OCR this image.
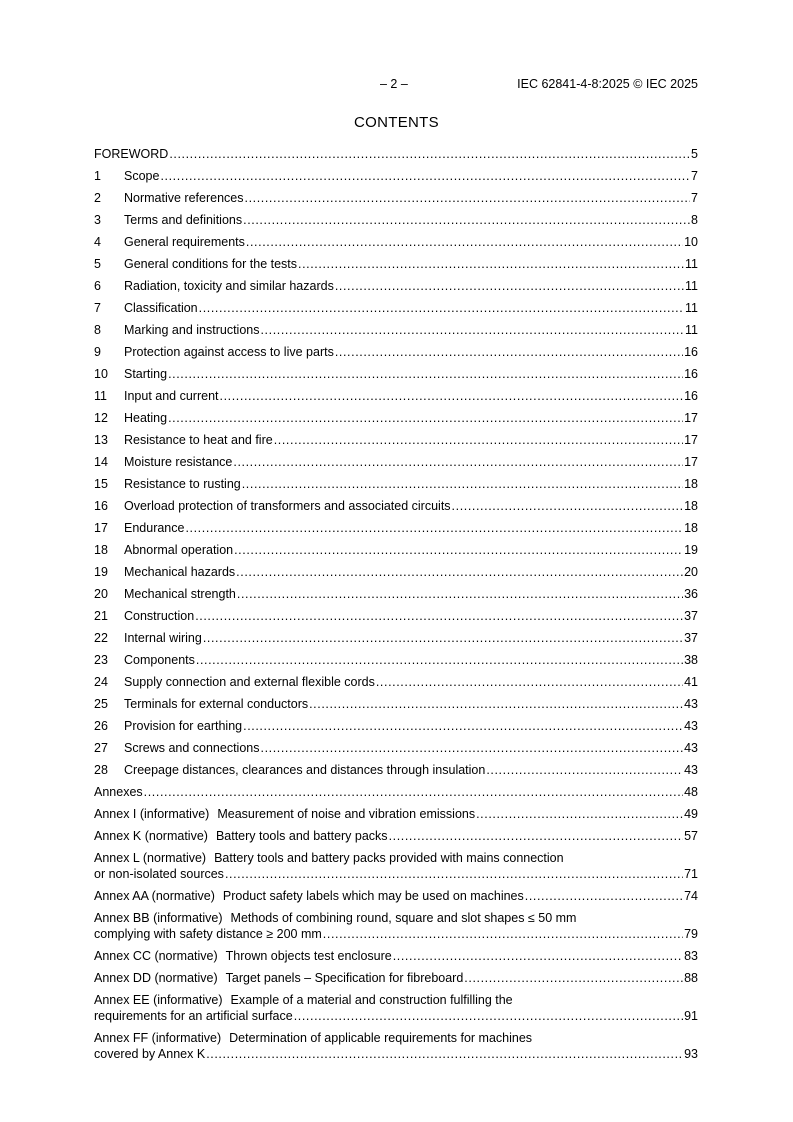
– 2 –	IEC 62841-4-8:2025 © IEC 2025
CONTENTS
FOREWORD .....	5
1	Scope .....	7
2	Normative references .....	7
3	Terms and definitions .....	8
4	General requirements .....	10
5	General conditions for the tests .....	11
6	Radiation, toxicity and similar hazards .....	11
7	Classification .....	11
8	Marking and instructions .....	11
9	Protection against access to live parts .....	16
10	Starting .....	16
11	Input and current .....	16
12	Heating .....	17
13	Resistance to heat and fire .....	17
14	Moisture resistance .....	17
15	Resistance to rusting .....	18
16	Overload protection of transformers and associated circuits .....	18
17	Endurance .....	18
18	Abnormal operation .....	19
19	Mechanical hazards .....	20
20	Mechanical strength .....	36
21	Construction .....	37
22	Internal wiring .....	37
23	Components .....	38
24	Supply connection and external flexible cords .....	41
25	Terminals for external conductors .....	43
26	Provision for earthing .....	43
27	Screws and connections .....	43
28	Creepage distances, clearances and distances through insulation .....	43
Annexes .....	48
Annex I (informative) Measurement of noise and vibration emissions .....	49
Annex K (normative) Battery tools and battery packs .....	57
Annex L (normative) Battery tools and battery packs provided with mains connection
or non-isolated sources .....	71
Annex AA (normative) Product safety labels which may be used on machines .....	74
Annex BB (informative) Methods of combining round, square and slot shapes ≤ 50 mm
complying with safety distance ≥ 200 mm .....	79
Annex CC (normative) Thrown objects test enclosure .....	83
Annex DD (normative) Target panels – Specification for fibreboard .....	88
Annex EE (informative) Example of a material and construction fulfilling the
requirements for an artificial surface .....	91
Annex FF (informative) Determination of applicable requirements for machines
covered by Annex K .....	93
